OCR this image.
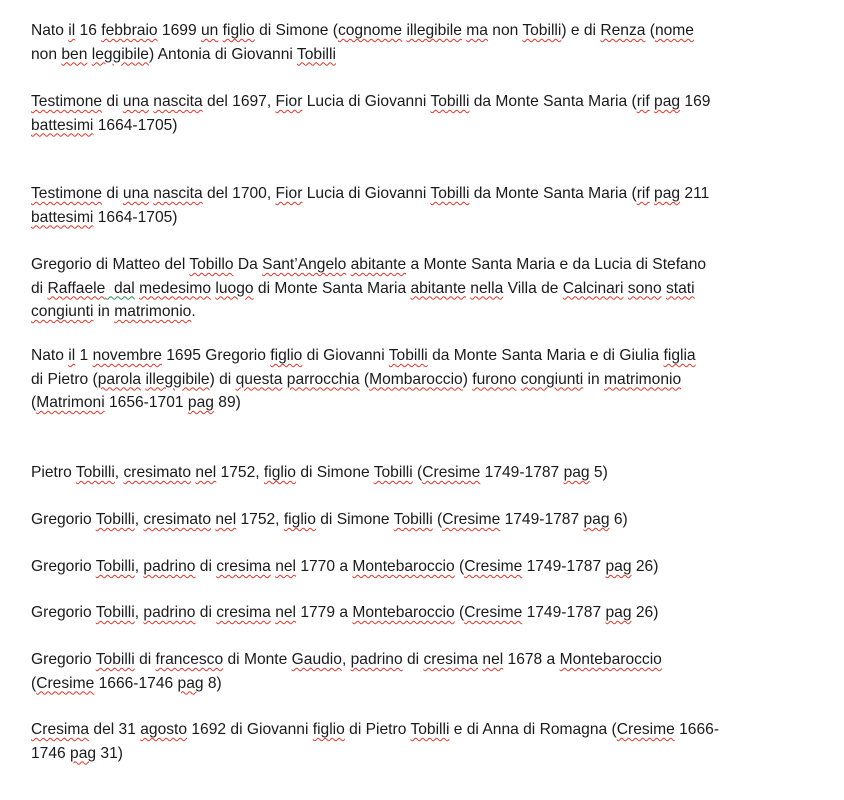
Nato il 16 febbraio 1699 un figlio di Simone (cognome illegibile ma non Tobilli) e di Renza (nome
non ben leggibile) Antonia di Giovanni Tobilli

Testimone di una nascita del 1697, Fior Lucia di Giovanni Tobilli da Monte Santa Maria (rif pag 169
battesimi 1664-1705)

Testimone di una nascita del 1700, Fior Lucia di Giovanni Tobilli da Monte Santa Maria (rif pag 211
battesimi 1664-1705)

Gregorio di Matteo del Tobillo Da Sant’Angelo abitante a Monte Santa Maria e da Lucia di Stefano
di Raffaele  dal medesimo luogo di Monte Santa Maria abitante nella Villa de Calcinari sono stati
congiunti in matrimonio.

Nato il 1 novembre 1695 Gregorio figlio di Giovanni Tobilli da Monte Santa Maria e di Giulia figlia
di Pietro (parola illeggibile) di questa parrocchia (Mombaroccio) furono congiunti in matrimonio
(Matrimoni 1656-1701 pag 89)

Pietro Tobilli, cresimato nel 1752, figlio di Simone Tobilli (Cresime 1749-1787 pag 5)

Gregorio Tobilli, cresimato nel 1752, figlio di Simone Tobilli (Cresime 1749-1787 pag 6)

Gregorio Tobilli, padrino di cresima nel 1770 a Montebaroccio (Cresime 1749-1787 pag 26)

Gregorio Tobilli, padrino di cresima nel 1779 a Montebaroccio (Cresime 1749-1787 pag 26)

Gregorio Tobilli di francesco di Monte Gaudio, padrino di cresima nel 1678 a Montebaroccio
(Cresime 1666-1746 pag 8)

Cresima del 31 agosto 1692 di Giovanni figlio di Pietro Tobilli e di Anna di Romagna (Cresime 1666-
1746 pag 31)
